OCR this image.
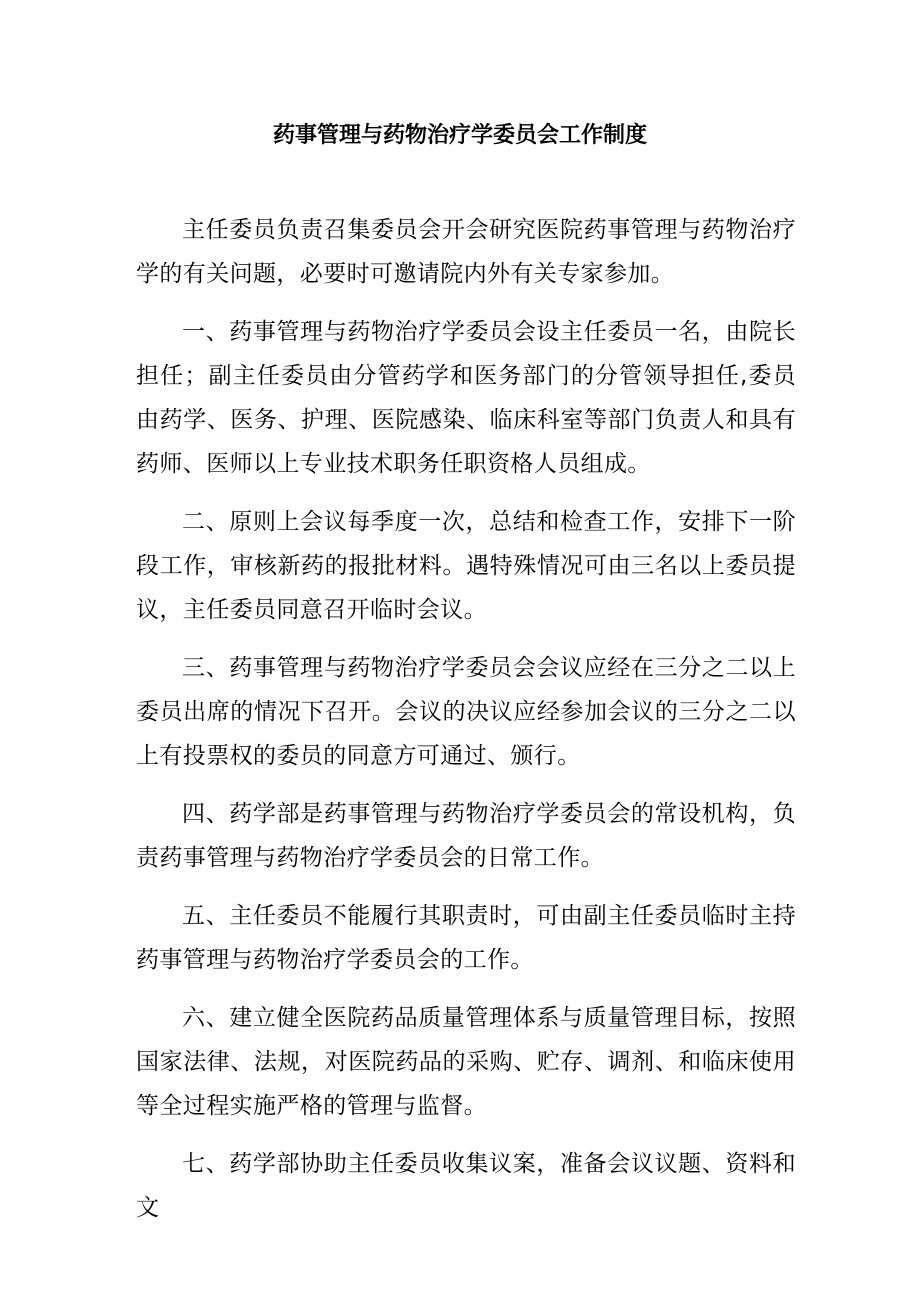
药事管理与药物治疗学委员会工作制度

主任委员负责召集委员会开会研究医院药事管理与药物治疗学的有关问题，必要时可邀请院内外有关专家参加。

一、药事管理与药物治疗学委员会设主任委员一名，由院长担任；副主任委员由分管药学和医务部门的分管领导担任,委员由药学、医务、护理、医院感染、临床科室等部门负责人和具有药师、医师以上专业技术职务任职资格人员组成。

二、原则上会议每季度一次，总结和检查工作，安排下一阶段工作，审核新药的报批材料。遇特殊情况可由三名以上委员提议，主任委员同意召开临时会议。

三、药事管理与药物治疗学委员会会议应经在三分之二以上委员出席的情况下召开。会议的决议应经参加会议的三分之二以上有投票权的委员的同意方可通过、颁行。

四、药学部是药事管理与药物治疗学委员会的常设机构，负责药事管理与药物治疗学委员会的日常工作。

五、主任委员不能履行其职责时，可由副主任委员临时主持药事管理与药物治疗学委员会的工作。

六、建立健全医院药品质量管理体系与质量管理目标，按照国家法律、法规，对医院药品的采购、贮存、调剂、和临床使用等全过程实施严格的管理与监督。

七、药学部协助主任委员收集议案，准备会议议题、资料和文
